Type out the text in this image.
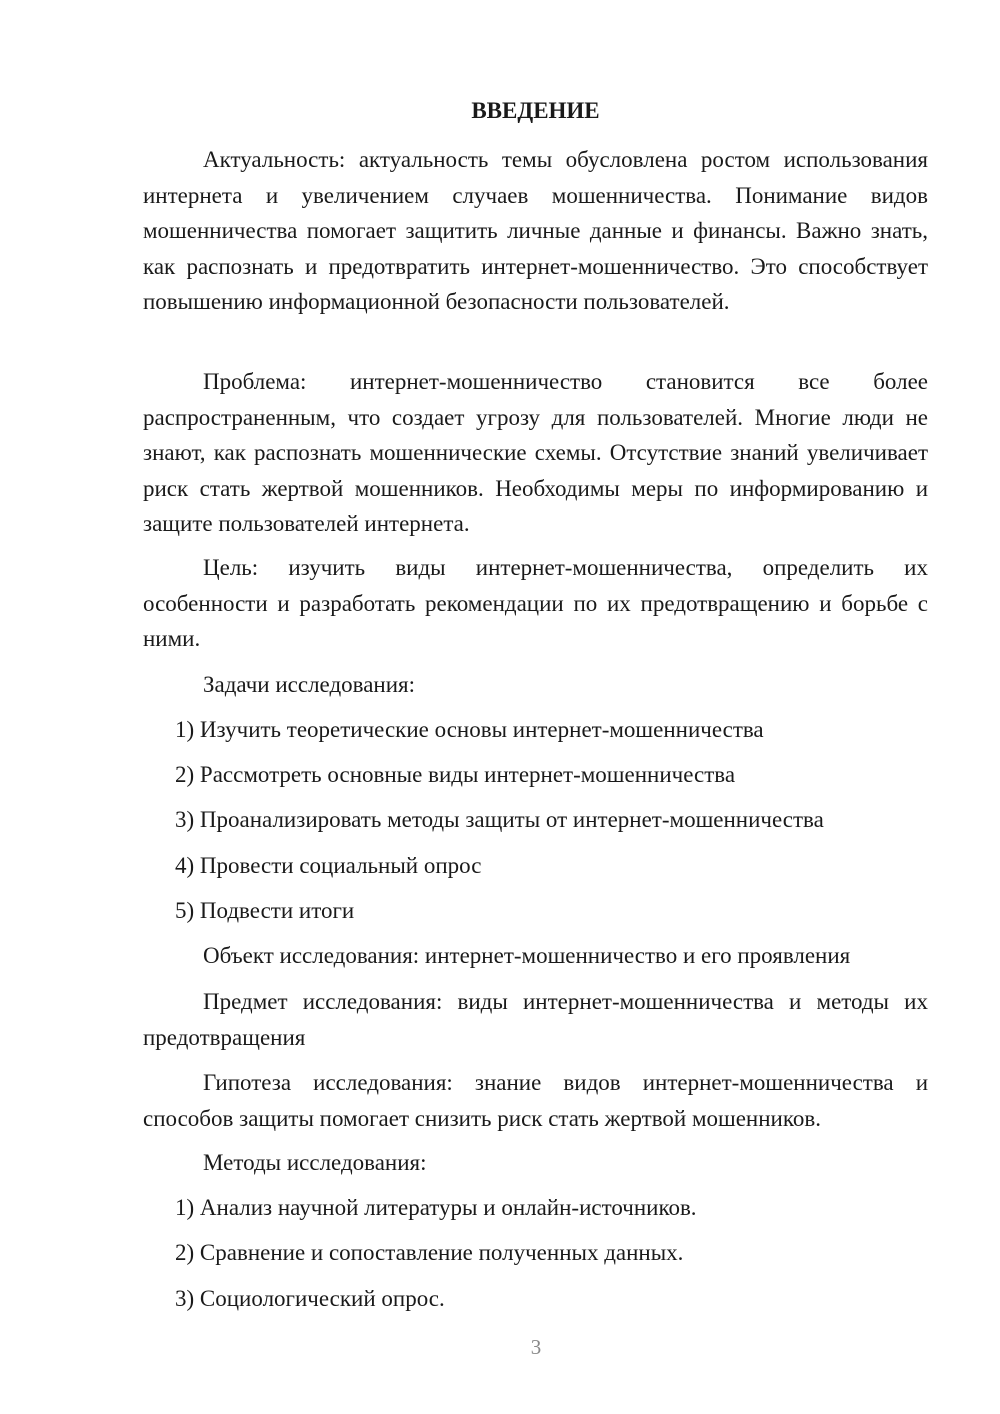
ВВЕДЕНИЕ

Актуальность: актуальность темы обусловлена ростом использования интернета и увеличением случаев мошенничества. Понимание видов мошенничества помогает защитить личные данные и финансы. Важно знать, как распознать и предотвратить интернет-мошенничество. Это способствует повышению информационной безопасности пользователей.

Проблема: интернет-мошенничество становится все более распространенным, что создает угрозу для пользователей. Многие люди не знают, как распознать мошеннические схемы. Отсутствие знаний увеличивает риск стать жертвой мошенников. Необходимы меры по информированию и защите пользователей интернета.

Цель: изучить виды интернет-мошенничества, определить их особенности и разработать рекомендации по их предотвращению и борьбе с ними.

Задачи исследования:

1) Изучить теоретические основы интернет-мошенничества

2) Рассмотреть основные виды интернет-мошенничества

3) Проанализировать методы защиты от интернет-мошенничества

4) Провести социальный опрос

5) Подвести итоги

Объект исследования: интернет-мошенничество и его проявления

Предмет исследования: виды интернет-мошенничества и методы их предотвращения

Гипотеза исследования: знание видов интернет-мошенничества и способов защиты помогает снизить риск стать жертвой мошенников.

Методы исследования:

1) Анализ научной литературы и онлайн-источников.

2) Сравнение и сопоставление полученных данных.

3) Социологический опрос.

3
